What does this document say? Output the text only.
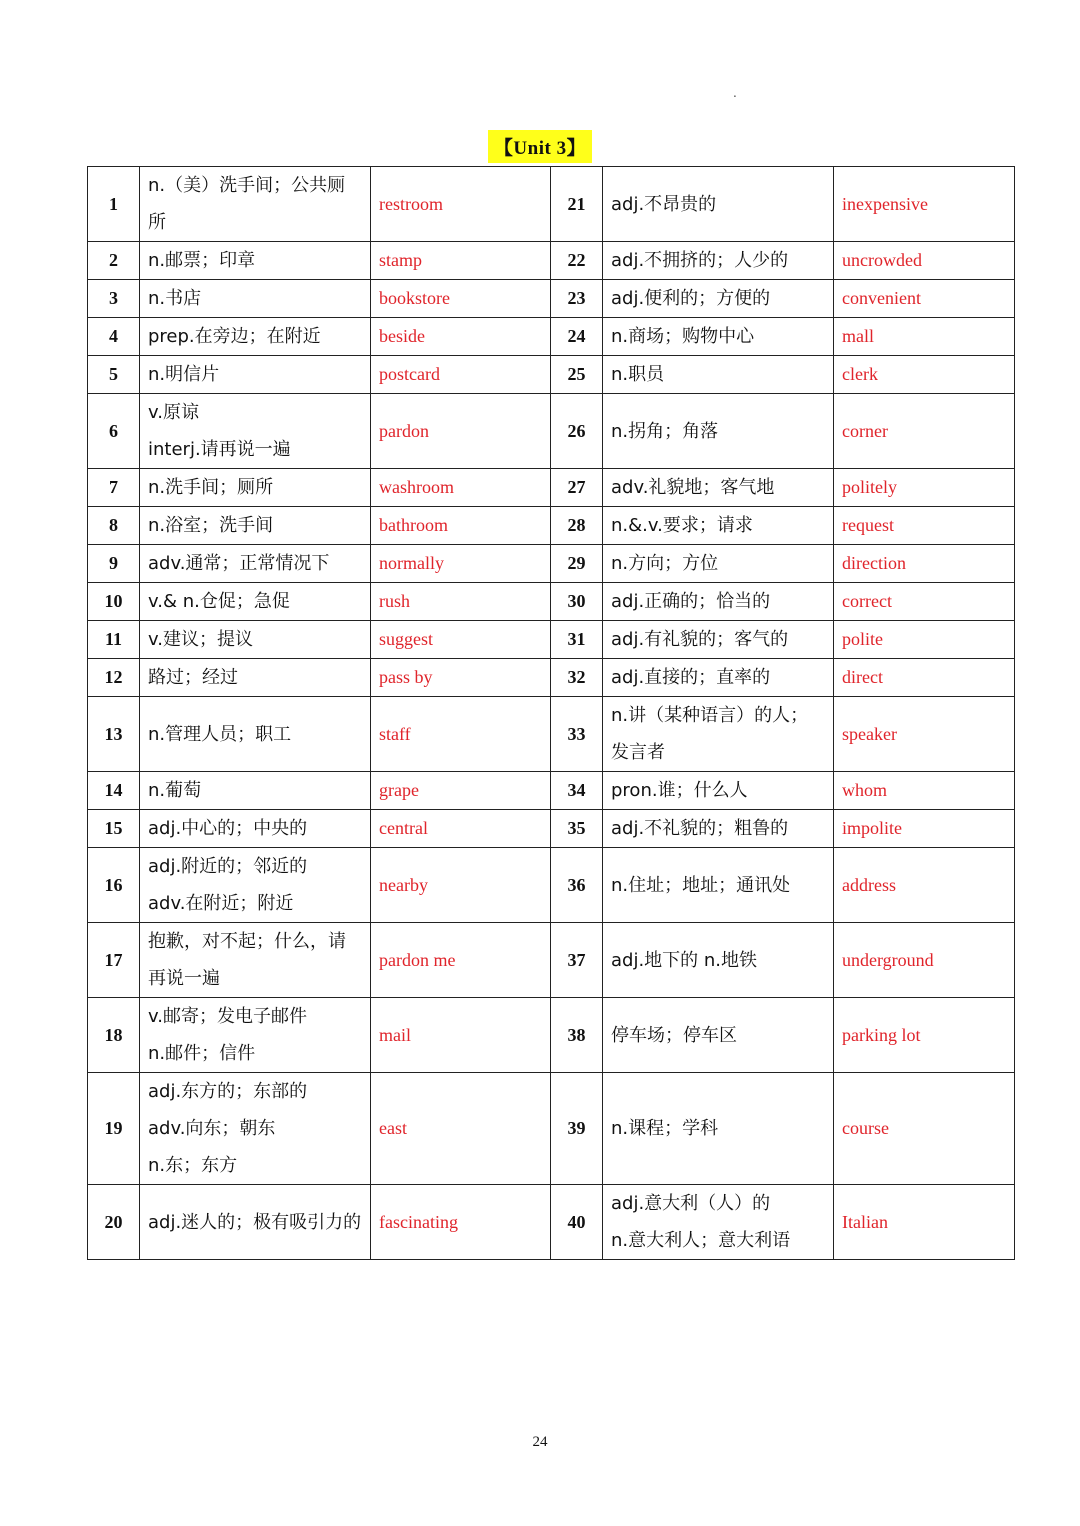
.
【Unit 3】
1	n.（美）洗手间；公共厕
所	restroom	21	adj.不昂贵的	inexpensive
2	n.邮票；印章	stamp	22	adj.不拥挤的；人少的	uncrowded
3	n.书店	bookstore	23	adj.便利的；方便的	convenient
4	prep.在旁边；在附近	beside	24	n.商场；购物中心	mall
5	n.明信片	postcard	25	n.职员	clerk
6	v.原谅
interj.请再说一遍	pardon	26	n.拐角；角落	corner
7	n.洗手间；厕所	washroom	27	adv.礼貌地；客气地	politely
8	n.浴室；洗手间	bathroom	28	n.&.v.要求；请求	request
9	adv.通常；正常情况下	normally	29	n.方向；方位	direction
10	v.& n.仓促；急促	rush	30	adj.正确的；恰当的	correct
11	v.建议；提议	suggest	31	adj.有礼貌的；客气的	polite
12	路过；经过	pass by	32	adj.直接的；直率的	direct
13	n.管理人员；职工	staff	33	n.讲（某种语言）的人；
发言者	speaker
14	n.葡萄	grape	34	pron.谁；什么人	whom
15	adj.中心的；中央的	central	35	adj.不礼貌的；粗鲁的	impolite
16	adj.附近的；邻近的
adv.在附近；附近	nearby	36	n.住址；地址；通讯处	address
17	抱歉，对不起；什么，请
再说一遍	pardon me	37	adj.地下的 n.地铁	underground
18	v.邮寄；发电子邮件
n.邮件；信件	mail	38	停车场；停车区	parking lot
19	adj.东方的；东部的
adv.向东；朝东
n.东；东方	east	39	n.课程；学科	course
20	adj.迷人的；极有吸引力的	fascinating	40	adj.意大利（人）的
n.意大利人；意大利语	Italian
24
